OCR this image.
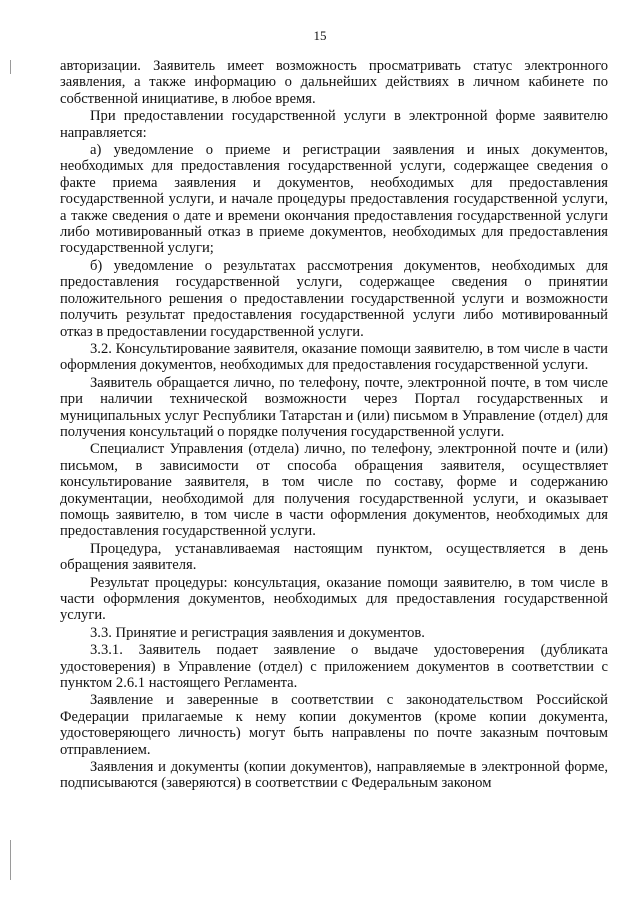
15

авторизации. Заявитель имеет возможность просматривать статус электронного заявления, а также информацию о дальнейших действиях в личном кабинете по собственной инициативе, в любое время.

При предоставлении государственной услуги в электронной форме заявителю направляется:

а) уведомление о приеме и регистрации заявления и иных документов, необходимых для предоставления государственной услуги, содержащее сведения о факте приема заявления и документов, необходимых для предоставления государственной услуги, и начале процедуры предоставления государственной услуги, а также сведения о дате и времени окончания предоставления государственной услуги либо мотивированный отказ в приеме документов, необходимых для предоставления государственной услуги;

б) уведомление о результатах рассмотрения документов, необходимых для предоставления государственной услуги, содержащее сведения о принятии положительного решения о предоставлении государственной услуги и возможности получить результат предоставления государственной услуги либо мотивированный отказ в предоставлении государственной услуги.

3.2. Консультирование заявителя, оказание помощи заявителю, в том числе в части оформления документов, необходимых для предоставления государственной услуги.

Заявитель обращается лично, по телефону, почте, электронной почте, в том числе при наличии технической возможности через Портал государственных и муниципальных услуг Республики Татарстан и (или) письмом в Управление (отдел) для получения консультаций о порядке получения государственной услуги.

Специалист Управления (отдела) лично, по телефону, электронной почте и (или) письмом, в зависимости от способа обращения заявителя, осуществляет консультирование заявителя, в том числе по составу, форме и содержанию документации, необходимой для получения государственной услуги, и оказывает помощь заявителю, в том числе в части оформления документов, необходимых для предоставления государственной услуги.

Процедура, устанавливаемая настоящим пунктом, осуществляется в день обращения заявителя.

Результат процедуры: консультация, оказание помощи заявителю, в том числе в части оформления документов, необходимых для предоставления государственной услуги.

3.3. Принятие и регистрация заявления и документов.

3.3.1. Заявитель подает заявление о выдаче удостоверения (дубликата удостоверения) в Управление (отдел) с приложением документов в соответствии с пунктом 2.6.1 настоящего Регламента.

Заявление и заверенные в соответствии с законодательством Российской Федерации прилагаемые к нему копии документов (кроме копии документа, удостоверяющего личность) могут быть направлены по почте заказным почтовым отправлением.

Заявления и документы (копии документов), направляемые в электронной форме, подписываются (заверяются) в соответствии с Федеральным законом
